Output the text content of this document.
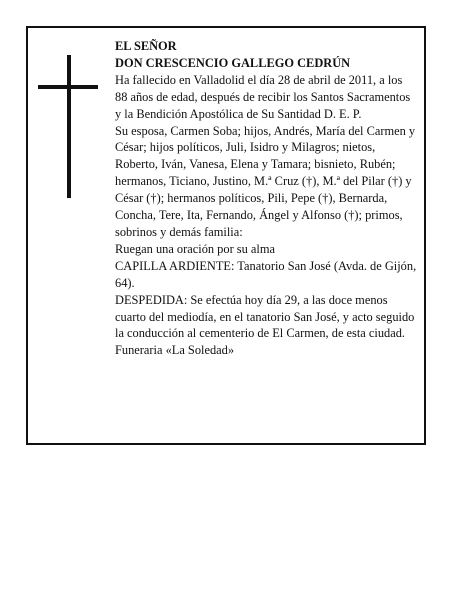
EL SEÑOR

DON CRESCENCIO GALLEGO CEDRÚN

Ha fallecido en Valladolid el día 28 de abril de 2011, a los 88 años de edad, después de recibir los Santos Sacramentos y la Bendición Apostólica de Su Santidad D. E. P.

Su esposa, Carmen Soba; hijos, Andrés, María del Carmen y César; hijos políticos, Juli, Isidro y Milagros; nietos, Roberto, Iván, Vanesa, Elena y Tamara; bisnieto, Rubén; hermanos, Ticiano, Justino, M.ª Cruz (†), M.ª del Pilar (†) y César (†); hermanos políticos, Pili, Pepe (†), Bernarda, Concha, Tere, Ita, Fernando, Ángel y Alfonso (†); primos, sobrinos y demás familia:

Ruegan una oración por su alma

CAPILLA ARDIENTE: Tanatorio San José (Avda. de Gijón, 64).

DESPEDIDA: Se efectúa hoy día 29, a las doce menos cuarto del mediodía, en el tanatorio San José, y acto seguido la conducción al cementerio de El Carmen, de esta ciudad.

Funeraria «La Soledad»
